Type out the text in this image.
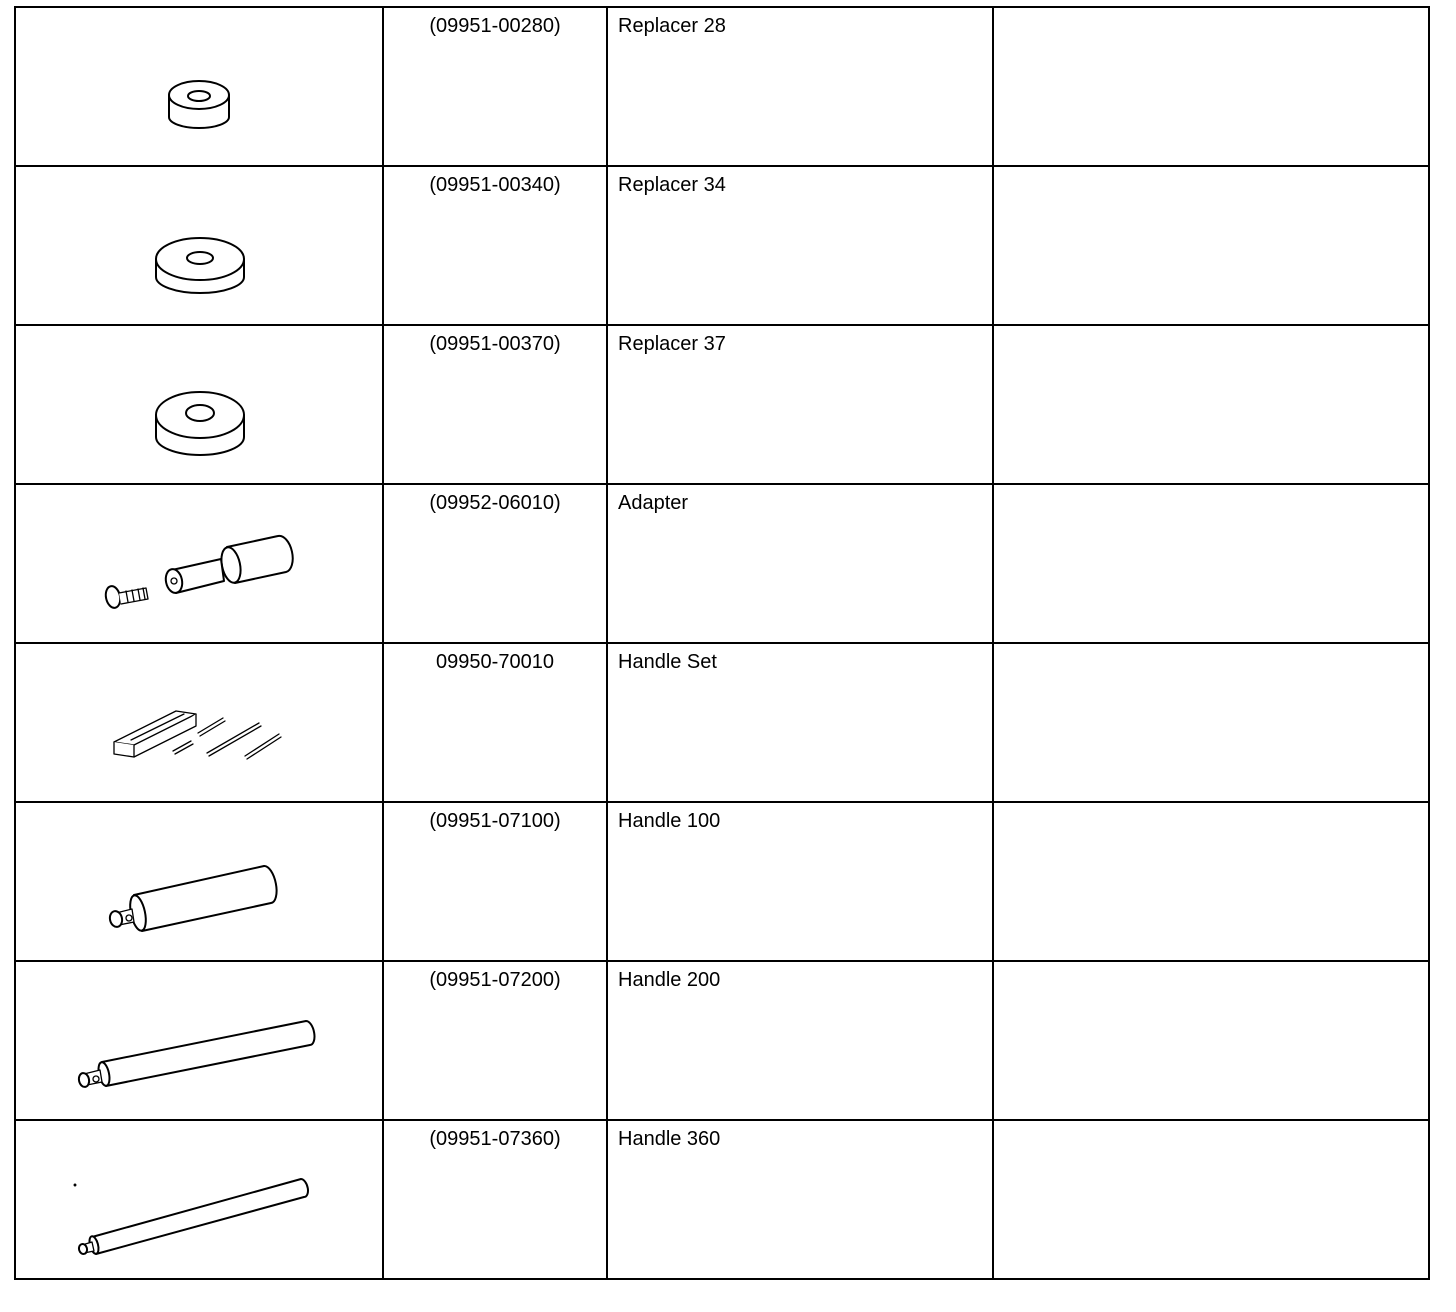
(09951-00280)	Replacer 28	

(09951-00340)	Replacer 34	

(09951-00370)	Replacer 37	

(09952-06010)	Adapter	

09950-70010	Handle Set	

(09951-07100)	Handle 100	

(09951-07200)	Handle 200	

(09951-07360)	Handle 360	
